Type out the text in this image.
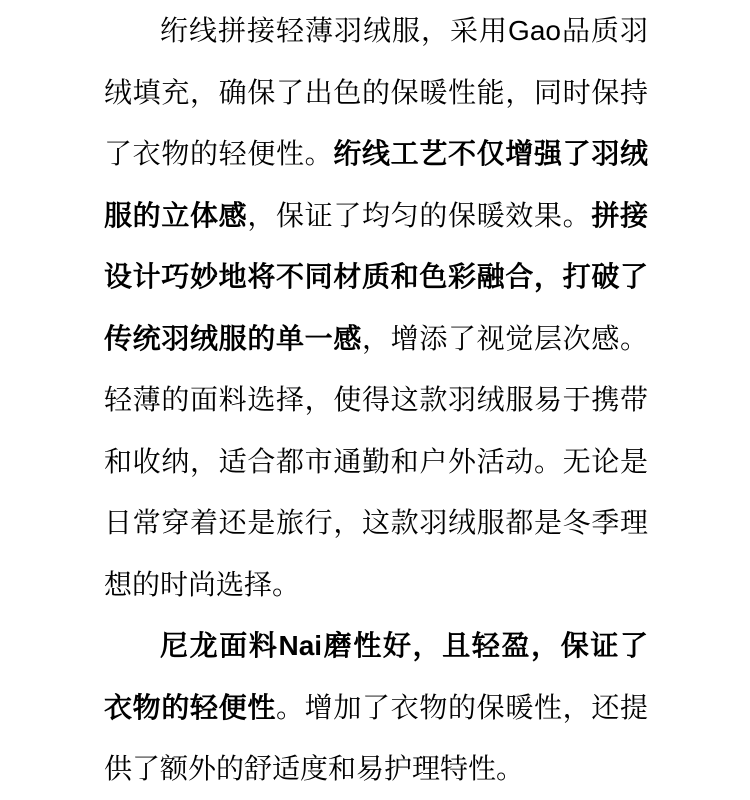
绗线拼接轻薄羽绒服，采用Gao品质羽绒填充，确保了出色的保暖性能，同时保持了衣物的轻便性。绗线工艺不仅增强了羽绒服的立体感，保证了均匀的保暖效果。拼接设计巧妙地将不同材质和色彩融合，打破了传统羽绒服的单一感，增添了视觉层次感。轻薄的面料选择，使得这款羽绒服易于携带和收纳，适合都市通勤和户外活动。无论是日常穿着还是旅行，这款羽绒服都是冬季理想的时尚选择。

尼龙面料Nai磨性好，且轻盈，保证了衣物的轻便性。增加了衣物的保暖性，还提供了额外的舒适度和易护理特性。
